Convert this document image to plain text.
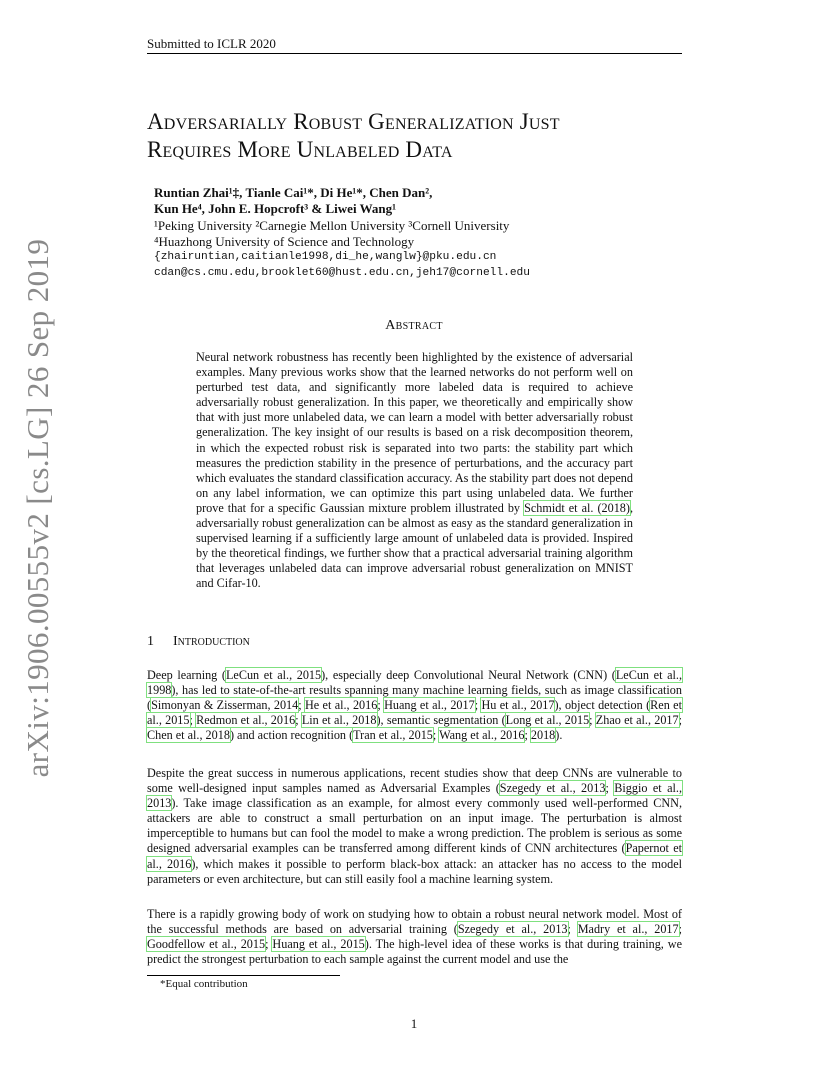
Submitted to ICLR 2020
arXiv:1906.00555v2 [cs.LG] 26 Sep 2019
Adversarially Robust Generalization Just
Requires More Unlabeled Data
Runtian Zhai¹‡, Tianle Cai¹*, Di He¹*, Chen Dan²,
Kun He⁴, John E. Hopcroft³ & Liwei Wang¹
¹Peking University ²Carnegie Mellon University ³Cornell University
⁴Huazhong University of Science and Technology
{zhairuntian,caitianle1998,di_he,wanglw}@pku.edu.cn
cdan@cs.cmu.edu,brooklet60@hust.edu.cn,jeh17@cornell.edu
Abstract
Neural network robustness has recently been highlighted by the existence of adversarial examples. Many previous works show that the learned networks do not perform well on perturbed test data, and significantly more labeled data is required to achieve adversarially robust generalization. In this paper, we theoretically and empirically show that with just more unlabeled data, we can learn a model with better adversarially robust generalization. The key insight of our results is based on a risk decomposition theorem, in which the expected robust risk is separated into two parts: the stability part which measures the prediction stability in the presence of perturbations, and the accuracy part which evaluates the standard classification accuracy. As the stability part does not depend on any label information, we can optimize this part using unlabeled data. We further prove that for a specific Gaussian mixture problem illustrated by Schmidt et al. (2018), adversarially robust generalization can be almost as easy as the standard generalization in supervised learning if a sufficiently large amount of unlabeled data is provided. Inspired by the theoretical findings, we further show that a practical adversarial training algorithm that leverages unlabeled data can improve adversarial robust generalization on MNIST and Cifar-10.
1 Introduction
Deep learning (LeCun et al., 2015), especially deep Convolutional Neural Network (CNN) (LeCun et al., 1998), has led to state-of-the-art results spanning many machine learning fields, such as image classification (Simonyan & Zisserman, 2014; He et al., 2016; Huang et al., 2017; Hu et al., 2017), object detection (Ren et al., 2015; Redmon et al., 2016; Lin et al., 2018), semantic segmentation (Long et al., 2015; Zhao et al., 2017; Chen et al., 2018) and action recognition (Tran et al., 2015; Wang et al., 2016; 2018).
Despite the great success in numerous applications, recent studies show that deep CNNs are vulnerable to some well-designed input samples named as Adversarial Examples (Szegedy et al., 2013; Biggio et al., 2013). Take image classification as an example, for almost every commonly used well-performed CNN, attackers are able to construct a small perturbation on an input image. The perturbation is almost imperceptible to humans but can fool the model to make a wrong prediction. The problem is serious as some designed adversarial examples can be transferred among different kinds of CNN architectures (Papernot et al., 2016), which makes it possible to perform black-box attack: an attacker has no access to the model parameters or even architecture, but can still easily fool a machine learning system.
There is a rapidly growing body of work on studying how to obtain a robust neural network model. Most of the successful methods are based on adversarial training (Szegedy et al., 2013; Madry et al., 2017; Goodfellow et al., 2015; Huang et al., 2015). The high-level idea of these works is that during training, we predict the strongest perturbation to each sample against the current model and use the
*Equal contribution
1
